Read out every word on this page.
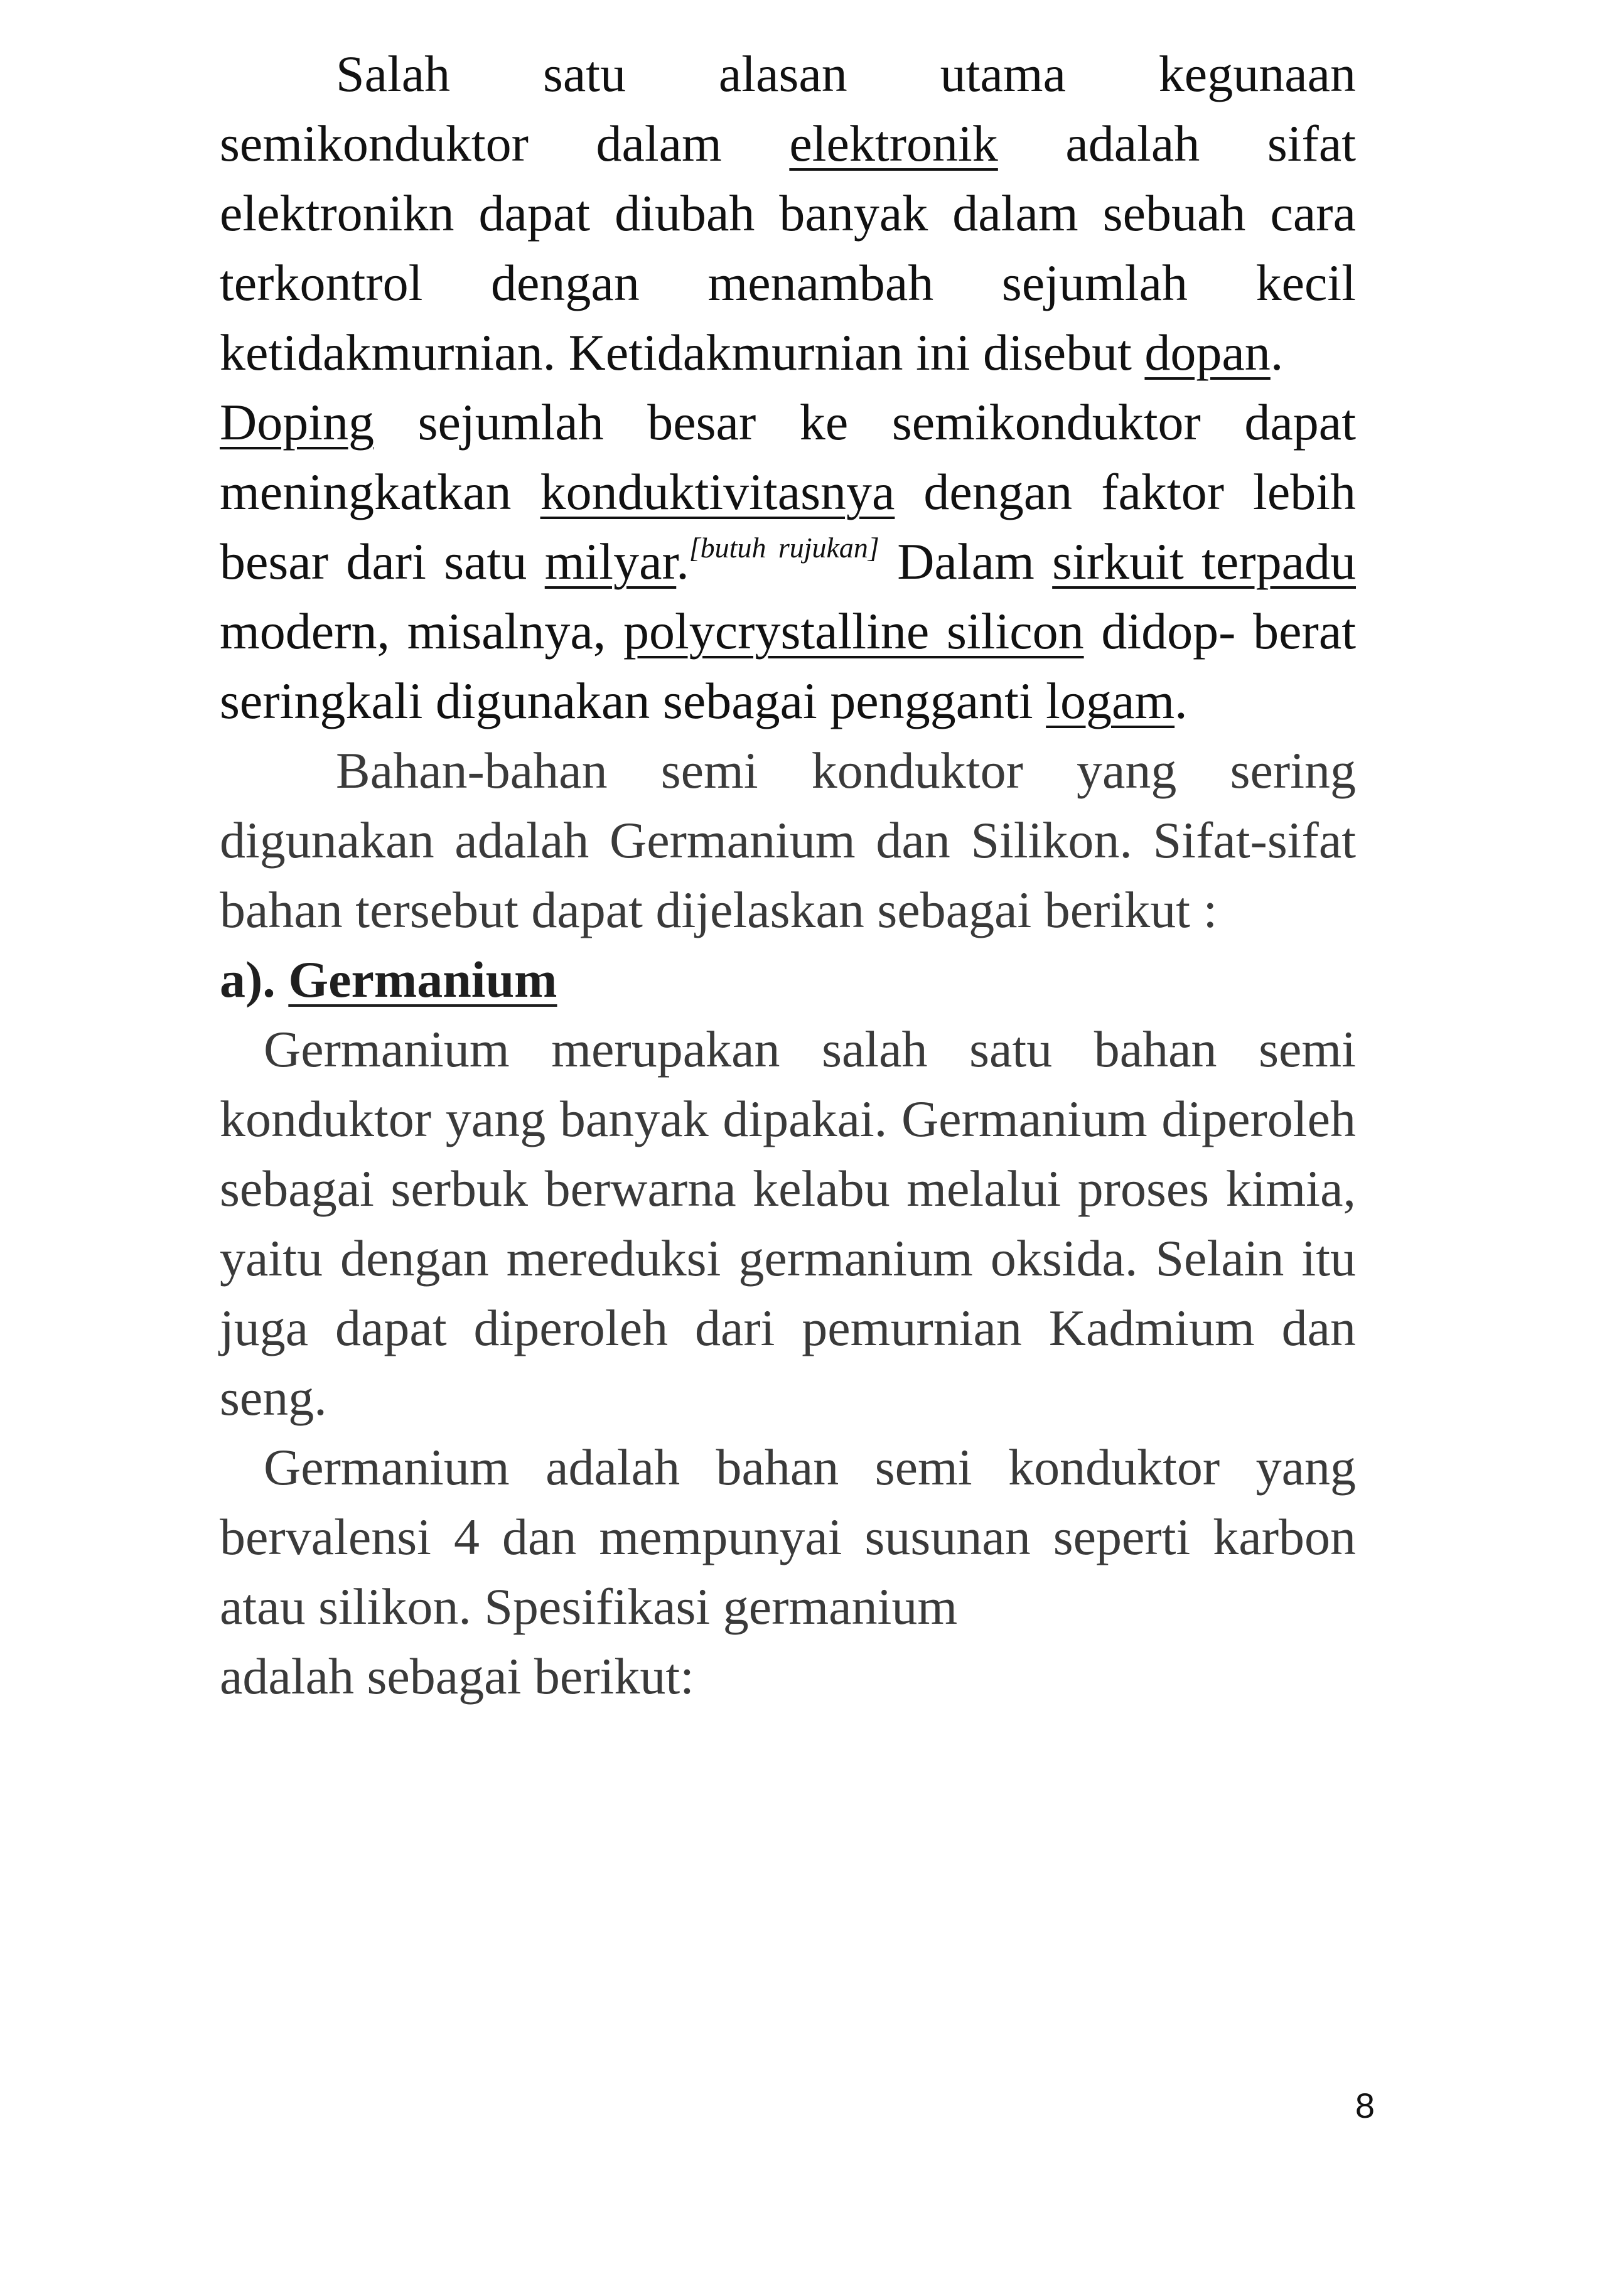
Salah satu alasan utama kegunaan semikonduktor dalam elektronik adalah sifat elektronikn dapat diubah banyak dalam sebuah cara terkontrol dengan menambah sejumlah kecil ketidakmurnian. Ketidakmurnian ini disebut dopan.

Doping sejumlah besar ke semikonduktor dapat meningkatkan konduktivitasnya dengan faktor lebih besar dari satu milyar.[butuh rujukan] Dalam sirkuit terpadu modern, misalnya, polycrystalline silicon didop- berat seringkali digunakan sebagai pengganti logam.

Bahan-bahan semi konduktor yang sering digunakan adalah Germanium dan Silikon. Sifat-sifat bahan tersebut dapat dijelaskan sebagai berikut :

a). Germanium

Germanium merupakan salah satu bahan semi konduktor yang banyak dipakai. Germanium diperoleh sebagai serbuk berwarna kelabu melalui proses kimia, yaitu dengan mereduksi germanium oksida. Selain itu juga dapat diperoleh dari pemurnian Kadmium dan seng.

Germanium adalah bahan semi konduktor yang bervalensi 4 dan mempunyai susunan seperti karbon atau silikon. Spesifikasi germanium

adalah sebagai berikut:

8
